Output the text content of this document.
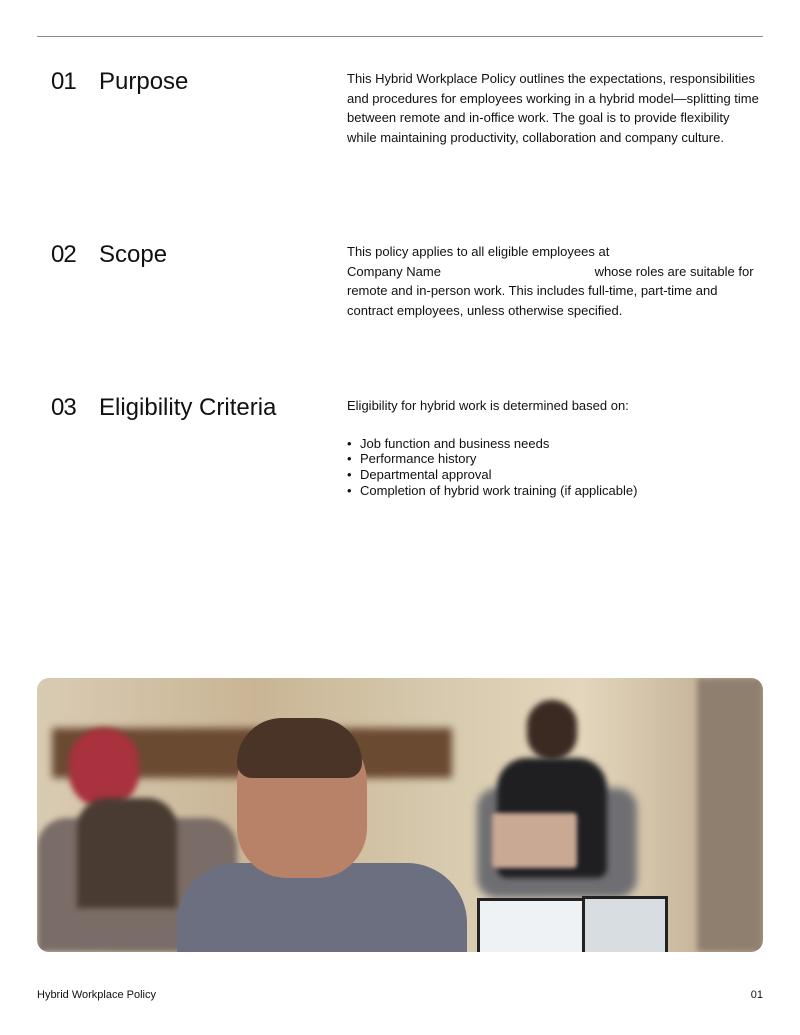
01 Purpose	This Hybrid Workplace Policy outlines the expectations, responsibilities and procedures for employees working in a hybrid model—splitting time between remote and in-office work. The goal is to provide flexibility while maintaining productivity, collaboration and company culture.

02 Scope	This policy applies to all eligible employees at
Company Name	whose roles are suitable for remote and in-person work. This includes full-time, part-time and contract employees, unless otherwise specified.

03 Eligibility Criteria	Eligibility for hybrid work is determined based on:

• Job function and business needs
• Performance history
• Departmental approval
• Completion of hybrid work training (if applicable)
Hybrid Workplace Policy	01
